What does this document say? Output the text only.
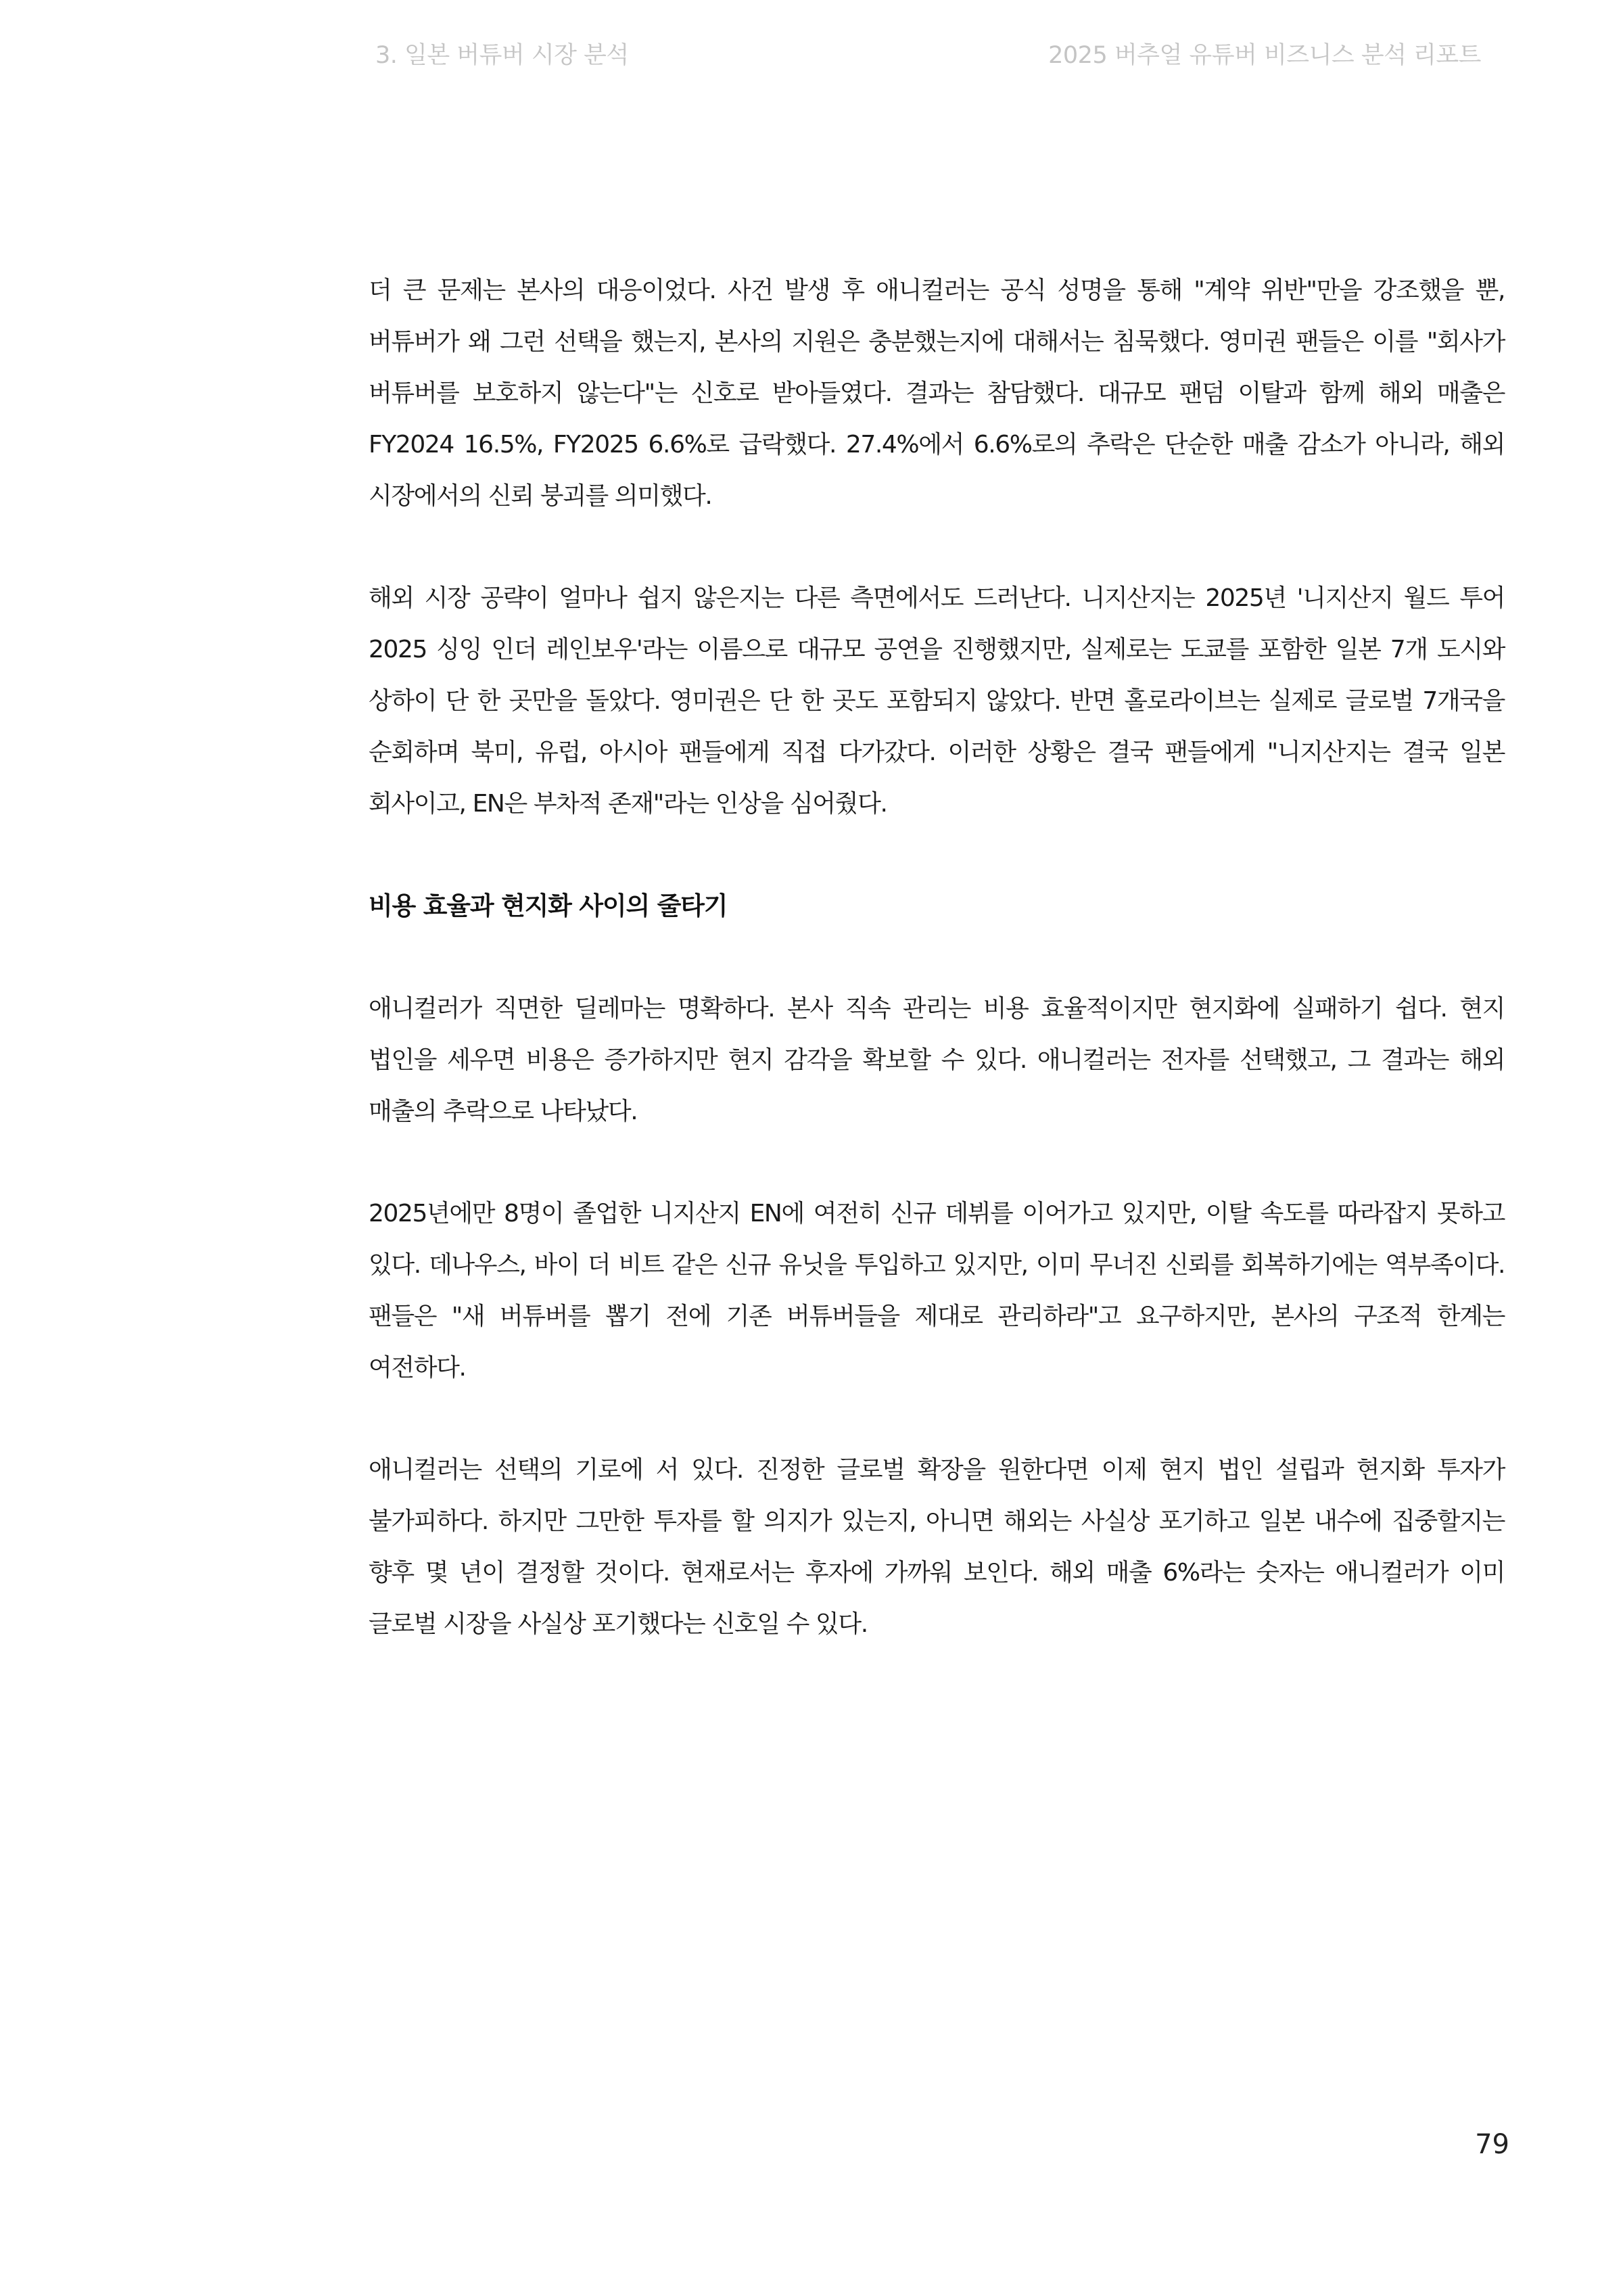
3. 일본 버튜버 시장 분석	2025 버추얼 유튜버 비즈니스 분석 리포트

더 큰 문제는 본사의 대응이었다. 사건 발생 후 애니컬러는 공식 성명을 통해 "계약 위반"만을 강조했을 뿐, 버튜버가 왜 그런 선택을 했는지, 본사의 지원은 충분했는지에 대해서는 침묵했다. 영미권 팬들은 이를 "회사가 버튜버를 보호하지 않는다"는 신호로 받아들였다. 결과는 참담했다. 대규모 팬덤 이탈과 함께 해외 매출은 FY2024 16.5%, FY2025 6.6%로 급락했다. 27.4%에서 6.6%로의 추락은 단순한 매출 감소가 아니라, 해외 시장에서의 신뢰 붕괴를 의미했다.

해외 시장 공략이 얼마나 쉽지 않은지는 다른 측면에서도 드러난다. 니지산지는 2025년 '니지산지 월드 투어 2025 싱잉 인더 레인보우'라는 이름으로 대규모 공연을 진행했지만, 실제로는 도쿄를 포함한 일본 7개 도시와 상하이 단 한 곳만을 돌았다. 영미권은 단 한 곳도 포함되지 않았다. 반면 홀로라이브는 실제로 글로벌 7개국을 순회하며 북미, 유럽, 아시아 팬들에게 직접 다가갔다. 이러한 상황은 결국 팬들에게 "니지산지는 결국 일본 회사이고, EN은 부차적 존재"라는 인상을 심어줬다.

비용 효율과 현지화 사이의 줄타기

애니컬러가 직면한 딜레마는 명확하다. 본사 직속 관리는 비용 효율적이지만 현지화에 실패하기 쉽다. 현지 법인을 세우면 비용은 증가하지만 현지 감각을 확보할 수 있다. 애니컬러는 전자를 선택했고, 그 결과는 해외 매출의 추락으로 나타났다.

2025년에만 8명이 졸업한 니지산지 EN에 여전히 신규 데뷔를 이어가고 있지만, 이탈 속도를 따라잡지 못하고 있다. 데나우스, 바이 더 비트 같은 신규 유닛을 투입하고 있지만, 이미 무너진 신뢰를 회복하기에는 역부족이다. 팬들은 "새 버튜버를 뽑기 전에 기존 버튜버들을 제대로 관리하라"고 요구하지만, 본사의 구조적 한계는 여전하다.

애니컬러는 선택의 기로에 서 있다. 진정한 글로벌 확장을 원한다면 이제 현지 법인 설립과 현지화 투자가 불가피하다. 하지만 그만한 투자를 할 의지가 있는지, 아니면 해외는 사실상 포기하고 일본 내수에 집중할지는 향후 몇 년이 결정할 것이다. 현재로서는 후자에 가까워 보인다. 해외 매출 6%라는 숫자는 애니컬러가 이미 글로벌 시장을 사실상 포기했다는 신호일 수 있다.

79
